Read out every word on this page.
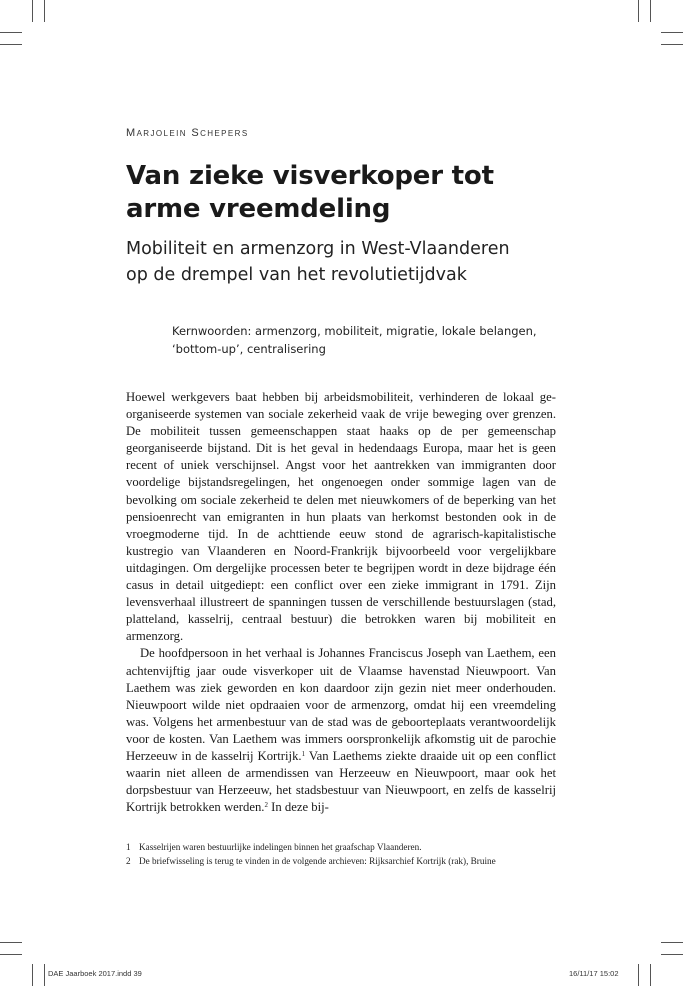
Marjolein Schepers
Van zieke visverkoper tot arme vreemdeling
Mobiliteit en armenzorg in West-Vlaanderen
op de drempel van het revolutietijdvak

Kernwoorden: armenzorg, mobiliteit, migratie, lokale belangen,
‘bottom-up’, centralisering

Hoewel werkgevers baat hebben bij arbeidsmobiliteit, verhinderen de lokaal georganiseerde systemen van sociale zekerheid vaak de vrije beweging over grenzen. De mobiliteit tussen gemeenschappen staat haaks op de per gemeenschap georganiseerde bijstand. Dit is het geval in hedendaags Europa, maar het is geen recent of uniek verschijnsel. Angst voor het aantrekken van immigranten door voordelige bijstandsregelingen, het ongenoegen onder sommige lagen van de bevolking om sociale zekerheid te delen met nieuwkomers of de beperking van het pensioenrecht van emigranten in hun plaats van herkomst bestonden ook in de vroegmoderne tijd. In de achttiende eeuw stond de agrarisch-kapitalistische kustregio van Vlaanderen en Noord-Frankrijk bijvoorbeeld voor vergelijkbare uitdagingen. Om dergelijke processen beter te begrijpen wordt in deze bijdrage één casus in detail uitgediept: een conflict over een zieke immigrant in 1791. Zijn levensverhaal illustreert de spanningen tussen de verschillende bestuurslagen (stad, platteland, kasselrij, centraal bestuur) die betrokken waren bij mobiliteit en armenzorg.

De hoofdpersoon in het verhaal is Johannes Franciscus Joseph van Laethem, een achtenvijftig jaar oude visverkoper uit de Vlaamse havenstad Nieuwpoort. Van Laethem was ziek geworden en kon daardoor zijn gezin niet meer onderhouden. Nieuwpoort wilde niet opdraaien voor de armenzorg, omdat hij een vreemdeling was. Volgens het armenbestuur van de stad was de geboorteplaats verantwoordelijk voor de kosten. Van Laethem was immers oorspronkelijk afkomstig uit de parochie Herzeeuw in de kasselrij Kortrijk.$^1$ Van Laethems ziekte draaide uit op een conflict waarin niet alleen de armendissen van Herzeeuw en Nieuwpoort, maar ook het dorpsbestuur van Herzeeuw, het stadsbestuur van Nieuwpoort, en zelfs de kasselrij Kortrijk betrokken werden.$^2$ In deze bij-

1 Kasselrijen waren bestuurlijke indelingen binnen het graafschap Vlaanderen.

2 De briefwisseling is terug te vinden in de volgende archieven: Rijksarchief Kortrijk (rak), Bruine

DAE Jaarboek 2017.indd 39	16/11/17 15:02
